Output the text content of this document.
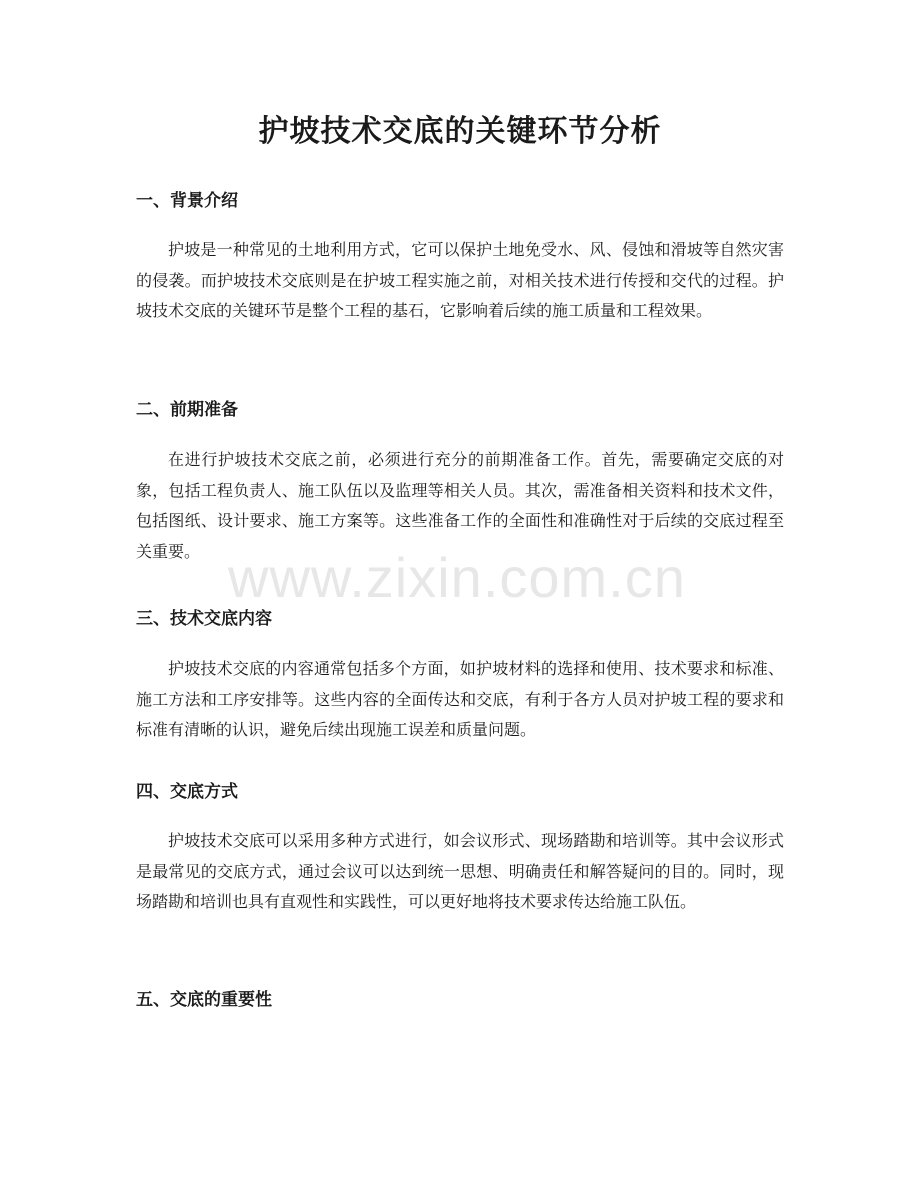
护坡技术交底的关键环节分析
一、背景介绍

护坡是一种常见的土地利用方式，它可以保护土地免受水、风、侵蚀和滑坡等自然灾害的侵袭。而护坡技术交底则是在护坡工程实施之前，对相关技术进行传授和交代的过程。护坡技术交底的关键环节是整个工程的基石，它影响着后续的施工质量和工程效果。

二、前期准备

在进行护坡技术交底之前，必须进行充分的前期准备工作。首先，需要确定交底的对象，包括工程负责人、施工队伍以及监理等相关人员。其次，需准备相关资料和技术文件，包括图纸、设计要求、施工方案等。这些准备工作的全面性和准确性对于后续的交底过程至关重要。

三、技术交底内容

护坡技术交底的内容通常包括多个方面，如护坡材料的选择和使用、技术要求和标准、施工方法和工序安排等。这些内容的全面传达和交底，有利于各方人员对护坡工程的要求和标准有清晰的认识，避免后续出现施工误差和质量问题。

四、交底方式

护坡技术交底可以采用多种方式进行，如会议形式、现场踏勘和培训等。其中会议形式是最常见的交底方式，通过会议可以达到统一思想、明确责任和解答疑问的目的。同时，现场踏勘和培训也具有直观性和实践性，可以更好地将技术要求传达给施工队伍。

五、交底的重要性
www.zixin.com.cn
